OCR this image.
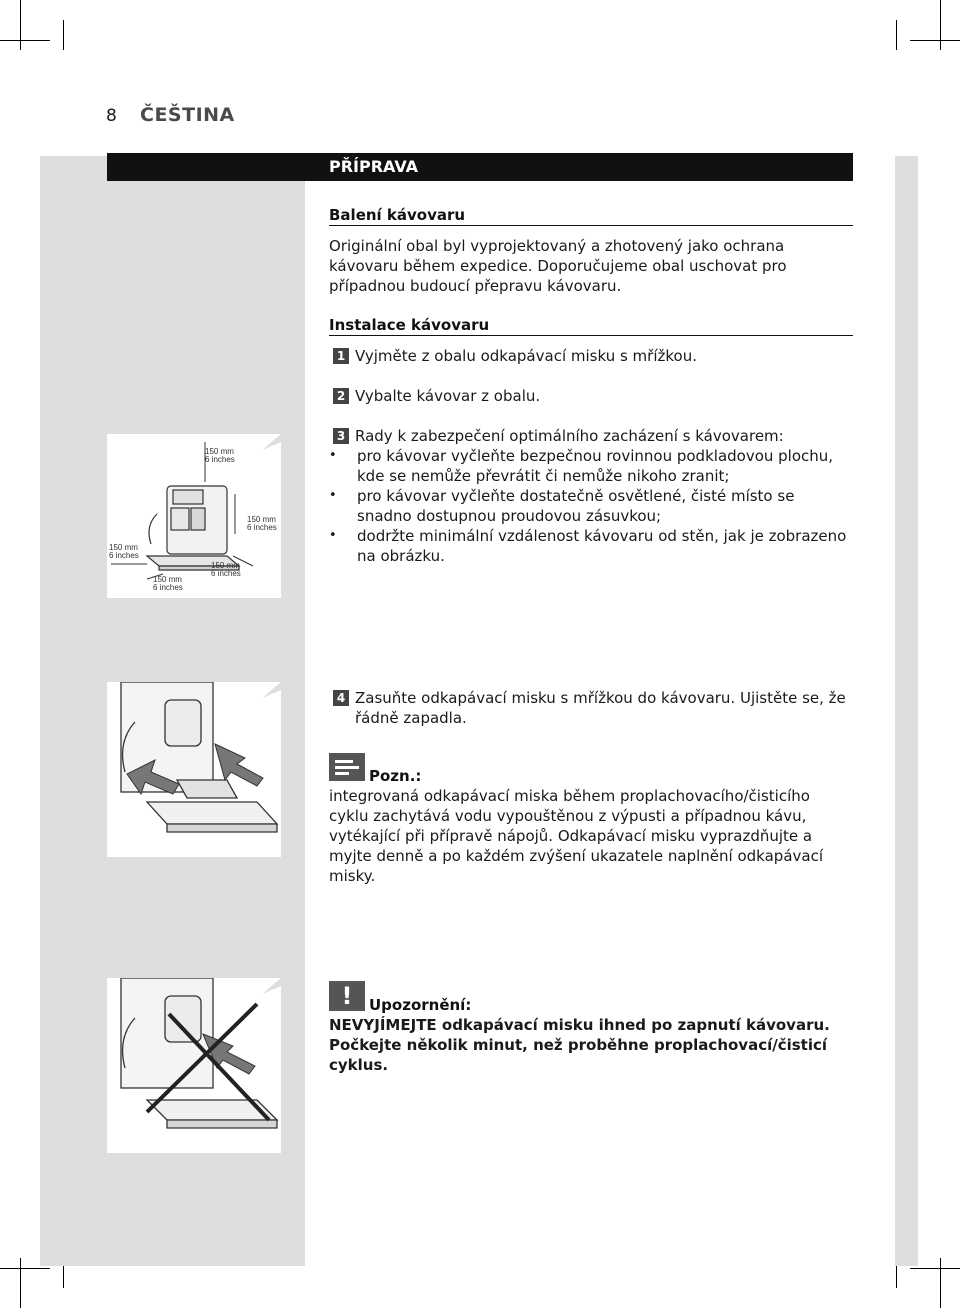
8 ČEŠTINA
PŘÍPRAVA
Balení kávovaru
Originální obal byl vyprojektovaný a zhotovený jako ochrana kávovaru během expedice. Doporučujeme obal uschovat pro případnou budoucí přepravu kávovaru.
Instalace kávovaru
1 Vyjměte z obalu odkapávací misku s mřížkou.
2 Vybalte kávovar z obalu.
3 Rady k zabezpečení optimálního zacházení s kávovarem:
• pro kávovar vyčleňte bezpečnou rovinnou podkladovou plochu, kde se nemůže převrátit či nemůže nikoho zranit;
• pro kávovar vyčleňte dostatečně osvětlené, čisté místo se snadno dostupnou proudovou zásuvkou;
• dodržte minimální vzdálenost kávovaru od stěn, jak je zobrazeno na obrázku.
150 mm
6 inches
150 mm
6 inches
150 mm
6 inches
150 mm
6 inches
150 mm
6 inches
4 Zasuňte odkapávací misku s mřížkou do kávovaru. Ujistěte se, že řádně zapadla.
Pozn.:
integrovaná odkapávací miska během proplachovacího/čisticího cyklu zachytává vodu vypouštěnou z výpusti a případnou kávu, vytékající při přípravě nápojů. Odkapávací misku vyprazdňujte a myjte denně a po každém zvýšení ukazatele naplnění odkapávací misky.
!	Upozornění:
NEVYJÍMEJTE odkapávací misku ihned po zapnutí kávovaru. Počkejte několik minut, než proběhne proplachovací/čisticí cyklus.
